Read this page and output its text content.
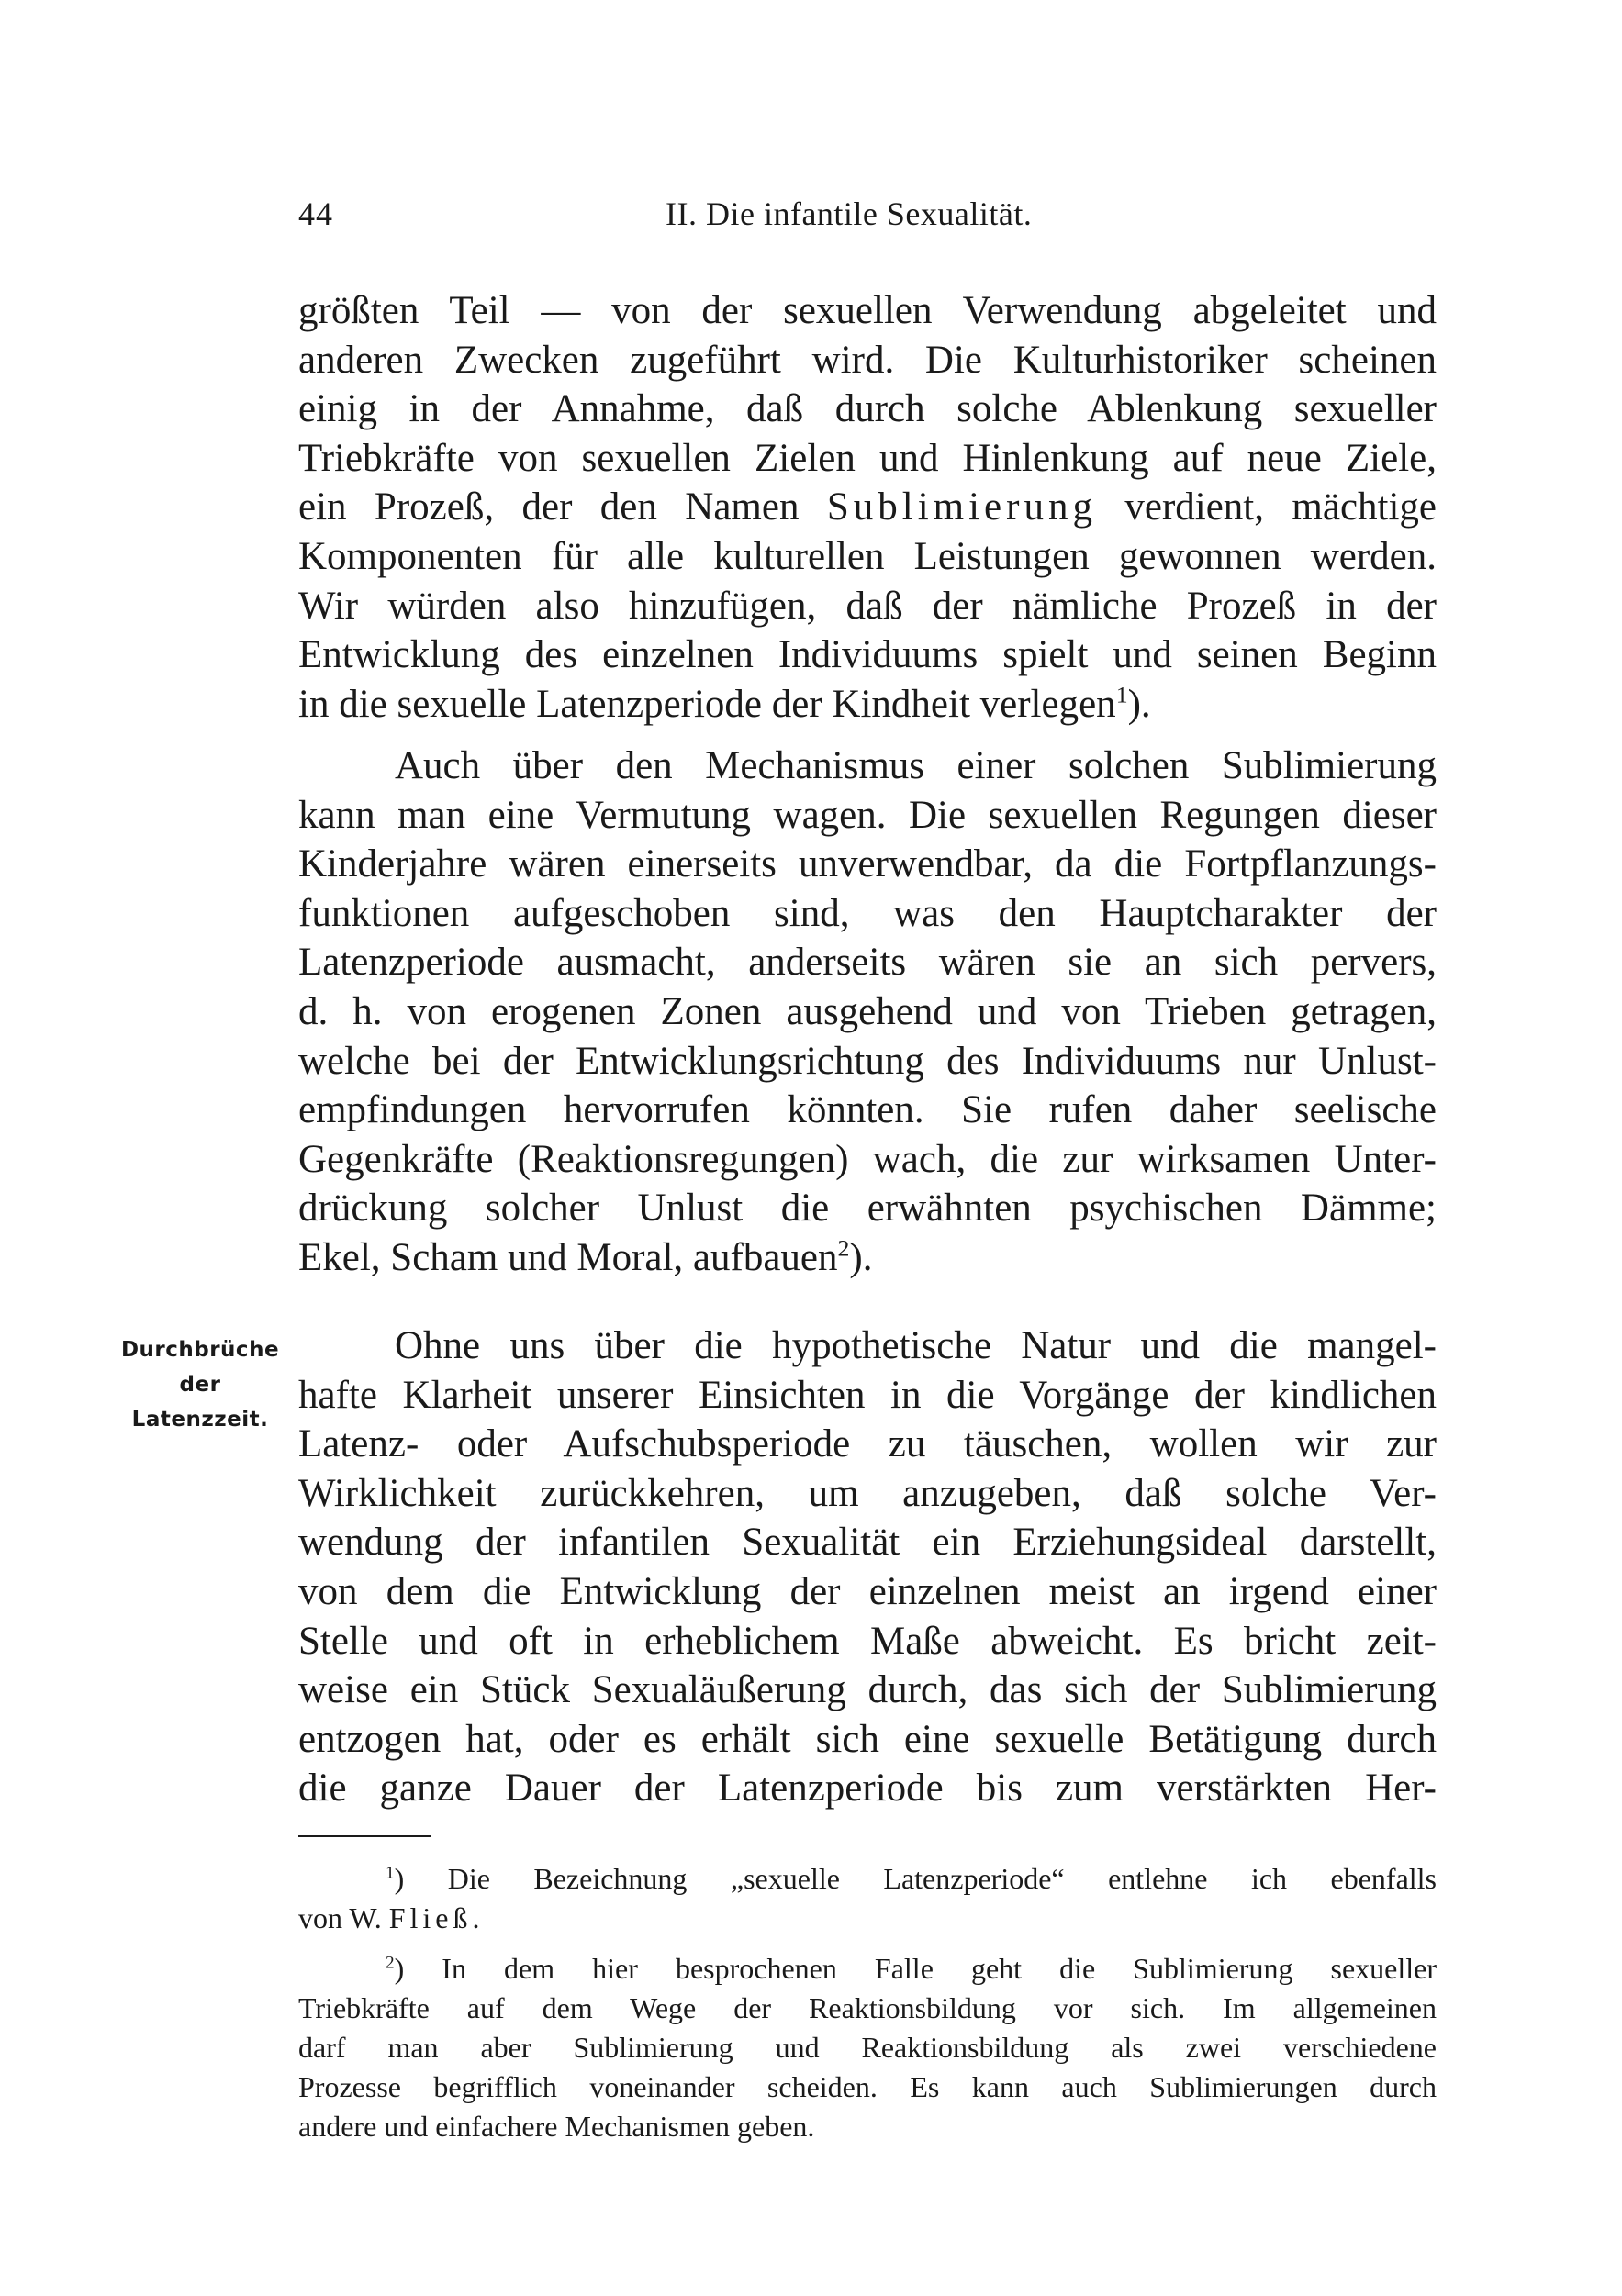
44	II. Die infantile Sexualität.
größten Teil — von der sexuellen Verwendung abgeleitet und
anderen Zwecken zugeführt wird. Die Kulturhistoriker scheinen
einig in der Annahme, daß durch solche Ablenkung sexueller
Triebkräfte von sexuellen Zielen und Hinlenkung auf neue Ziele,
ein Prozeß, der den Namen Sublimierung verdient, mächtige
Komponenten für alle kulturellen Leistungen gewonnen werden.
Wir würden also hinzufügen, daß der nämliche Prozeß in der
Entwicklung des einzelnen Individuums spielt und seinen Beginn
in die sexuelle Latenzperiode der Kindheit verlegen$^1$).
Auch über den Mechanismus einer solchen Sublimierung
kann man eine Vermutung wagen. Die sexuellen Regungen dieser
Kinderjahre wären einerseits unverwendbar, da die Fortpflanzungs-
funktionen aufgeschoben sind, was den Hauptcharakter der
Latenzperiode ausmacht, anderseits wären sie an sich pervers,
d. h. von erogenen Zonen ausgehend und von Trieben getragen,
welche bei der Entwicklungsrichtung des Individuums nur Unlust-
empfindungen hervorrufen könnten. Sie rufen daher seelische
Gegenkräfte (Reaktionsregungen) wach, die zur wirksamen Unter-
drückung solcher Unlust die erwähnten psychischen Dämme;
Ekel, Scham und Moral, aufbauen$^2$).
Durchbrüche
der
Latenzzeit.
Ohne uns über die hypothetische Natur und die mangel-
hafte Klarheit unserer Einsichten in die Vorgänge der kindlichen
Latenz- oder Aufschubsperiode zu täuschen, wollen wir zur
Wirklichkeit zurückkehren, um anzugeben, daß solche Ver-
wendung der infantilen Sexualität ein Erziehungsideal darstellt,
von dem die Entwicklung der einzelnen meist an irgend einer
Stelle und oft in erheblichem Maße abweicht. Es bricht zeit-
weise ein Stück Sexualäußerung durch, das sich der Sublimierung
entzogen hat, oder es erhält sich eine sexuelle Betätigung durch
die ganze Dauer der Latenzperiode bis zum verstärkten Her-
$^1$) Die Bezeichnung „sexuelle Latenzperiode“ entlehne ich ebenfalls
von W. Fließ.
$^2$) In dem hier besprochenen Falle geht die Sublimierung sexueller
Triebkräfte auf dem Wege der Reaktionsbildung vor sich. Im allgemeinen
darf man aber Sublimierung und Reaktionsbildung als zwei verschiedene
Prozesse begrifflich voneinander scheiden. Es kann auch Sublimierungen durch
andere und einfachere Mechanismen geben.
